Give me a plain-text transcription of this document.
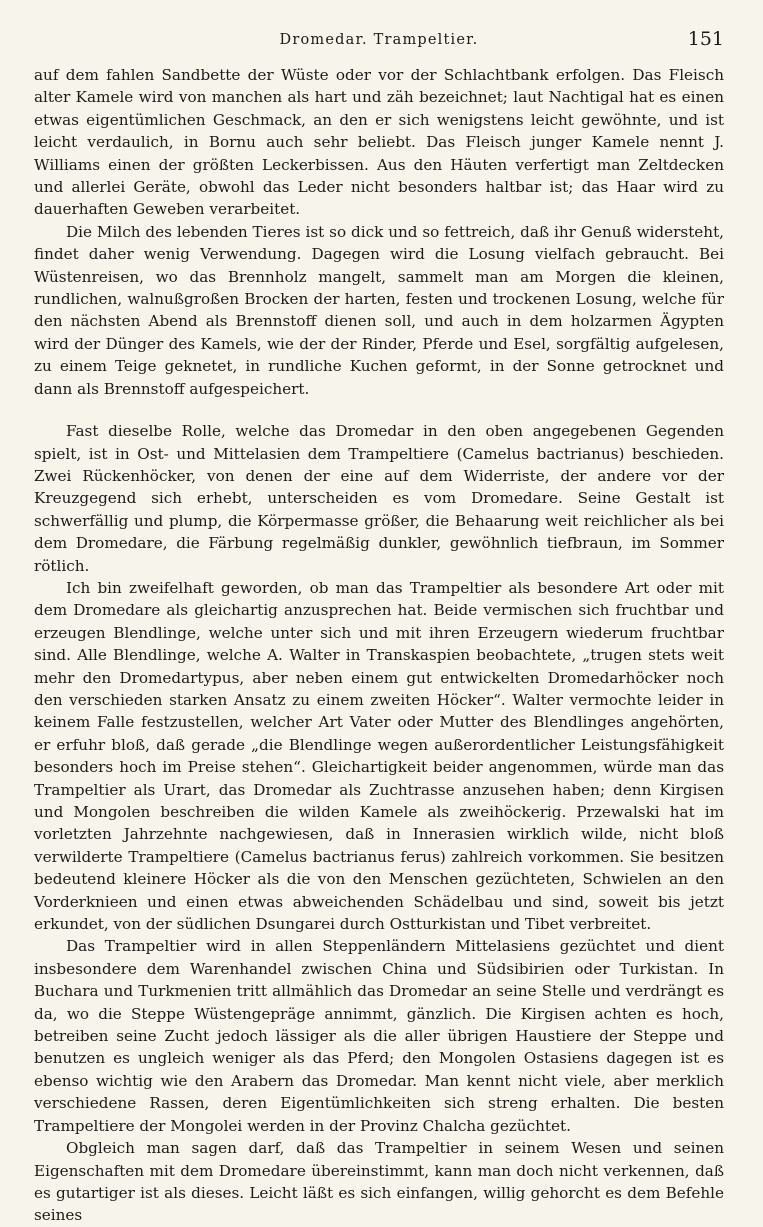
Dromedar. Trampeltier.	151

auf dem fahlen Sandbette der Wüste oder vor der Schlachtbank erfolgen. Das Fleisch alter Kamele wird von manchen als hart und zäh bezeichnet; laut Nachtigal hat es einen etwas eigentümlichen Geschmack, an den er sich wenigstens leicht gewöhnte, und ist leicht verdaulich, in Bornu auch sehr beliebt. Das Fleisch junger Kamele nennt J. Williams einen der größten Leckerbissen. Aus den Häuten verfertigt man Zeltdecken und allerlei Geräte, obwohl das Leder nicht besonders haltbar ist; das Haar wird zu dauerhaften Geweben verarbeitet.

Die Milch des lebenden Tieres ist so dick und so fettreich, daß ihr Genuß widersteht, findet daher wenig Verwendung. Dagegen wird die Losung vielfach gebraucht. Bei Wüstenreisen, wo das Brennholz mangelt, sammelt man am Morgen die kleinen, rundlichen, walnußgroßen Brocken der harten, festen und trockenen Losung, welche für den nächsten Abend als Brennstoff dienen soll, und auch in dem holzarmen Ägypten wird der Dünger des Kamels, wie der der Rinder, Pferde und Esel, sorgfältig aufgelesen, zu einem Teige geknetet, in rundliche Kuchen geformt, in der Sonne getrocknet und dann als Brennstoff aufgespeichert.

Fast dieselbe Rolle, welche das Dromedar in den oben angegebenen Gegenden spielt, ist in Ost- und Mittelasien dem Trampeltiere (Camelus bactrianus) beschieden. Zwei Rückenhöcker, von denen der eine auf dem Widerriste, der andere vor der Kreuzgegend sich erhebt, unterscheiden es vom Dromedare. Seine Gestalt ist schwerfällig und plump, die Körpermasse größer, die Behaarung weit reichlicher als bei dem Dromedare, die Färbung regelmäßig dunkler, gewöhnlich tiefbraun, im Sommer rötlich.

Ich bin zweifelhaft geworden, ob man das Trampeltier als besondere Art oder mit dem Dromedare als gleichartig anzusprechen hat. Beide vermischen sich fruchtbar und erzeugen Blendlinge, welche unter sich und mit ihren Erzeugern wiederum fruchtbar sind. Alle Blendlinge, welche A. Walter in Transkaspien beobachtete, „trugen stets weit mehr den Dromedartypus, aber neben einem gut entwickelten Dromedarhöcker noch den verschieden starken Ansatz zu einem zweiten Höcker“. Walter vermochte leider in keinem Falle festzustellen, welcher Art Vater oder Mutter des Blendlinges angehörten, er erfuhr bloß, daß gerade „die Blendlinge wegen außerordentlicher Leistungsfähigkeit besonders hoch im Preise stehen“. Gleichartigkeit beider angenommen, würde man das Trampeltier als Urart, das Dromedar als Zuchtrasse anzusehen haben; denn Kirgisen und Mongolen beschreiben die wilden Kamele als zweihöckerig. Przewalski hat im vorletzten Jahrzehnte nachgewiesen, daß in Innerasien wirklich wilde, nicht bloß verwilderte Trampeltiere (Camelus bactrianus ferus) zahlreich vorkommen. Sie besitzen bedeutend kleinere Höcker als die von den Menschen gezüchteten, Schwielen an den Vorderknieen und einen etwas abweichenden Schädelbau und sind, soweit bis jetzt erkundet, von der südlichen Dsungarei durch Ostturkistan und Tibet verbreitet.

Das Trampeltier wird in allen Steppenländern Mittelasiens gezüchtet und dient insbesondere dem Warenhandel zwischen China und Südsibirien oder Turkistan. In Buchara und Turkmenien tritt allmählich das Dromedar an seine Stelle und verdrängt es da, wo die Steppe Wüstengepräge annimmt, gänzlich. Die Kirgisen achten es hoch, betreiben seine Zucht jedoch lässiger als die aller übrigen Haustiere der Steppe und benutzen es ungleich weniger als das Pferd; den Mongolen Ostasiens dagegen ist es ebenso wichtig wie den Arabern das Dromedar. Man kennt nicht viele, aber merklich verschiedene Rassen, deren Eigentümlichkeiten sich streng erhalten. Die besten Trampeltiere der Mongolei werden in der Provinz Chalcha gezüchtet.

Obgleich man sagen darf, daß das Trampeltier in seinem Wesen und seinen Eigenschaften mit dem Dromedare übereinstimmt, kann man doch nicht verkennen, daß es gutartiger ist als dieses. Leicht läßt es sich einfangen, willig gehorcht es dem Befehle seines
